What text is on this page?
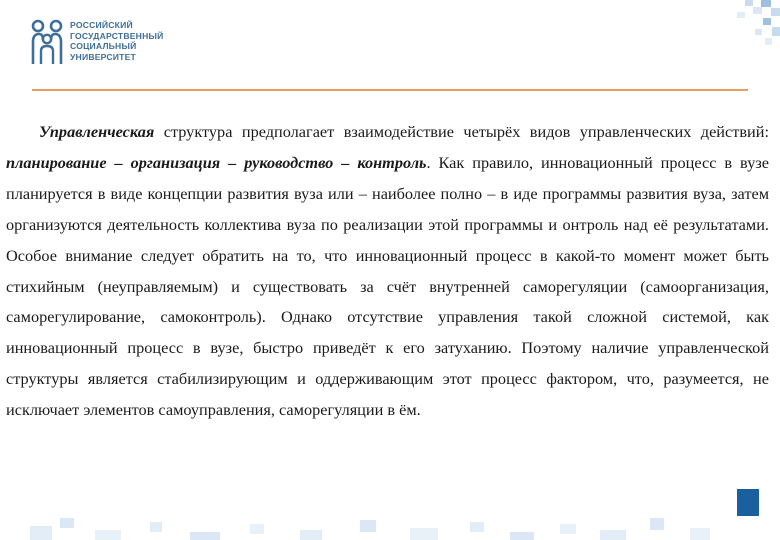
РОССИЙСКИЙ
ГОСУДАРСТВЕННЫЙ
СОЦИАЛЬНЫЙ
УНИВЕРСИТЕТ

Управленческая структура предполагает взаимодействие четырёх видов управленческих действий: планирование – организация – руководство – контроль. Как правило, инновационный процесс в вузе планируется в виде концепции развития вуза или – наиболее полно – в иде программы развития вуза, затем организуются деятельность коллектива вуза по реализации этой программы и онтроль над её результатами. Особое внимание следует обратить на то, что инновационный процесс в какой-то момент может быть стихийным (неуправляемым) и существовать за счёт внутренней саморегуляции (самоорганизация, саморегулирование, самоконтроль). Однако отсутствие управления такой сложной системой, как инновационный процесс в вузе, быстро приведёт к его затуханию. Поэтому наличие управленческой структуры является стабилизирующим и оддерживающим этот процесс фактором, что, разумеется, не исключает элементов самоуправления, саморегуляции в ём.
